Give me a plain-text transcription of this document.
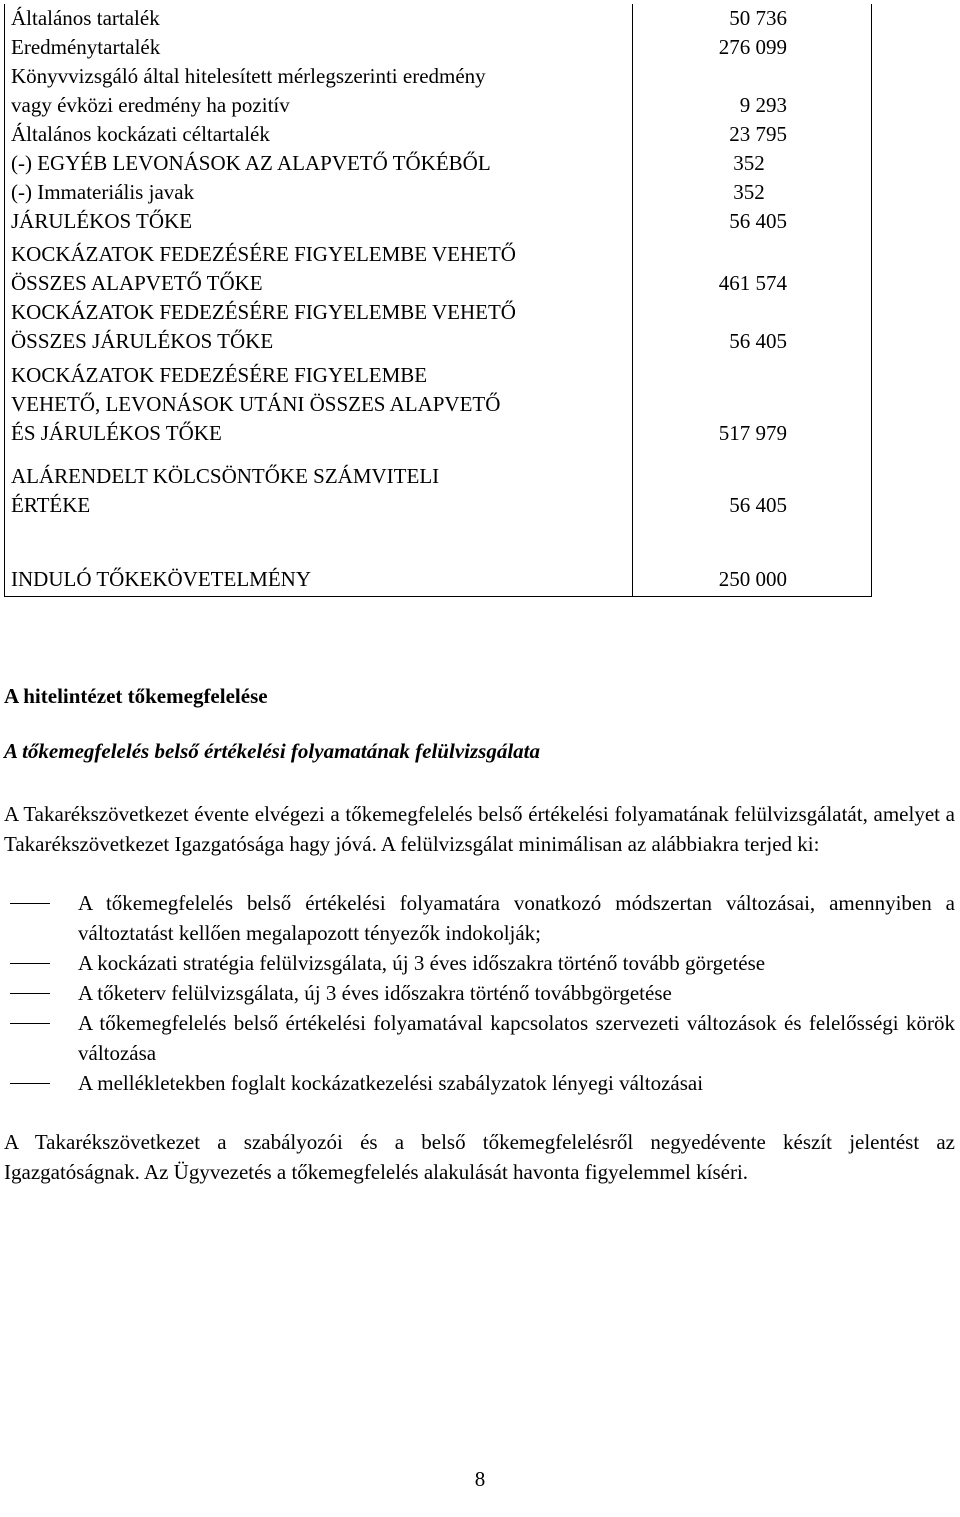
Általános tartalék	50 736
Eredménytartalék	276 099
Könyvvizsgáló által hitelesített mérlegszerinti eredmény
vagy évközi eredmény ha pozitív	9 293
Általános kockázati céltartalék	23 795
(-) EGYÉB LEVONÁSOK AZ ALAPVETŐ TŐKÉBŐL	352
(-) Immateriális javak	352
JÁRULÉKOS TŐKE	56 405
KOCKÁZATOK FEDEZÉSÉRE FIGYELEMBE VEHETŐ
ÖSSZES ALAPVETŐ TŐKE	461 574
KOCKÁZATOK FEDEZÉSÉRE FIGYELEMBE VEHETŐ
ÖSSZES JÁRULÉKOS TŐKE	56 405
KOCKÁZATOK FEDEZÉSÉRE FIGYELEMBE
VEHETŐ, LEVONÁSOK UTÁNI ÖSSZES ALAPVETŐ
ÉS JÁRULÉKOS TŐKE	517 979
ALÁRENDELT KÖLCSÖNTŐKE SZÁMVITELI
ÉRTÉKE	56 405
INDULÓ TŐKEKÖVETELMÉNY	250 000
A hitelintézet tőkemegfelelése
A tőkemegfelelés belső értékelési folyamatának felülvizsgálata
A Takarékszövetkezet évente elvégezi a tőkemegfelelés belső értékelési folyamatának felülvizsgálatát, amelyet a Takarékszövetkezet Igazgatósága hagy jóvá. A felülvizsgálat minimálisan az alábbiakra terjed ki:
A tőkemegfelelés belső értékelési folyamatára vonatkozó módszertan változásai, amennyiben a változtatást kellően megalapozott tényezők indokolják;
A kockázati stratégia felülvizsgálata, új 3 éves időszakra történő tovább görgetése
A tőketerv felülvizsgálata, új 3 éves időszakra történő továbbgörgetése
A tőkemegfelelés belső értékelési folyamatával kapcsolatos szervezeti változások és felelősségi körök változása
A mellékletekben foglalt kockázatkezelési szabályzatok lényegi változásai
A Takarékszövetkezet a szabályozói és a belső tőkemegfelelésről negyedévente készít jelentést az Igazgatóságnak. Az Ügyvezetés a tőkemegfelelés alakulását havonta figyelemmel kíséri.
8
